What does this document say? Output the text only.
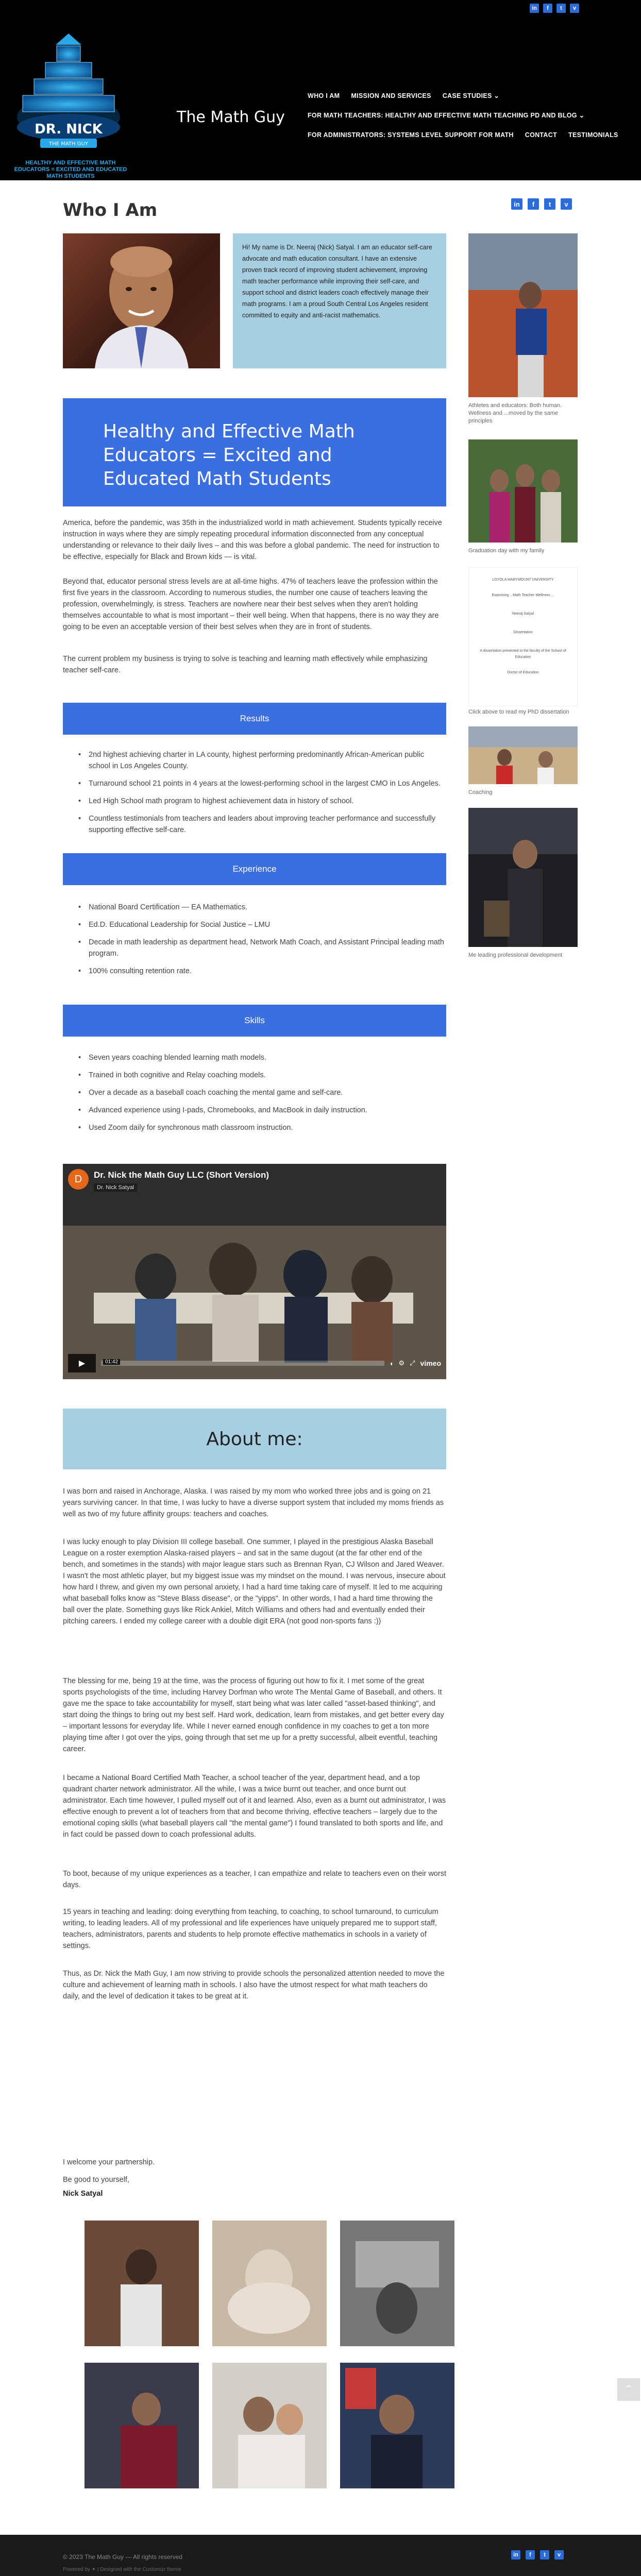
in	f	t	v
DR. NICK
THE MATH GUY
HEALTHY AND EFFECTIVE MATH EDUCATORS = EXCITED AND EDUCATED MATH STUDENTS
The Math Guy
WHO I AM MISSION AND SERVICES CASE STUDIES ⌄
FOR MATH TEACHERS: HEALTHY AND EFFECTIVE MATH TEACHING PD AND BLOG ⌄
FOR ADMINISTRATORS: SYSTEMS LEVEL SUPPORT FOR MATH CONTACT TESTIMONIALS
Who I Am	in	f	t	v
Hi! My name is Dr. Neeraj (Nick) Satyal. I am an educator self-care advocate and math education consultant. I have an extensive proven track record of improving student achievement, improving math teacher performance while improving their self-care, and support school and district leaders coach effectively manage their math programs. I am a proud South Central Los Angeles resident committed to equity and anti-racist mathematics.
Healthy and Effective Math Educators = Excited and Educated Math Students

America, before the pandemic, was 35th in the industrialized world in math achievement. Students typically receive instruction in ways where they are simply repeating procedural information disconnected from any conceptual understanding or relevance to their daily lives – and this was before a global pandemic. The need for instruction to be effective, especially for Black and Brown kids — is vital.

Beyond that, educator personal stress levels are at all-time highs. 47% of teachers leave the profession within the first five years in the classroom. According to numerous studies, the number one cause of teachers leaving the profession, overwhelmingly, is stress. Teachers are nowhere near their best selves when they aren't holding themselves accountable to what is most important – their well being. When that happens, there is no way they are going to be even an acceptable version of their best selves when they are in front of students.

The current problem my business is trying to solve is teaching and learning math effectively while emphasizing teacher self-care.

Results
• 2nd highest achieving charter in LA county, highest performing predominantly African-American public school in Los Angeles County.
• Turnaround school 21 points in 4 years at the lowest-performing school in the largest CMO in Los Angeles.
• Led High School math program to highest achievement data in history of school.
• Countless testimonials from teachers and leaders about improving teacher performance and successfully supporting effective self-care.
Experience
• National Board Certification — EA Mathematics.
• Ed.D. Educational Leadership for Social Justice – LMU
• Decade in math leadership as department head, Network Math Coach, and Assistant Principal leading math program.
• 100% consulting retention rate.
Skills
• Seven years coaching blended learning math models.
• Trained in both cognitive and Relay coaching models.
• Over a decade as a baseball coach coaching the mental game and self-care.
• Advanced experience using I-pads, Chromebooks, and MacBook in daily instruction.
• Used Zoom daily for synchronous math classroom instruction.
D	Dr. Nick the Math Guy LLC (Short Version)
Dr. Nick Satyal
▶	01:42	◖ ⚙ ⤢ vimeo
About me:

I was born and raised in Anchorage, Alaska. I was raised by my mom who worked three jobs and is going on 21 years surviving cancer. In that time, I was lucky to have a diverse support system that included my moms friends as well as two of my future affinity groups: teachers and coaches.

I was lucky enough to play Division III college baseball. One summer, I played in the prestigious Alaska Baseball League on a roster exemption Alaska-raised players – and sat in the same dugout (at the far other end of the bench, and sometimes in the stands) with major league stars such as Brennan Ryan, CJ Wilson and Jared Weaver. I wasn't the most athletic player, but my biggest issue was my mindset on the mound. I was nervous, insecure about how hard I threw, and given my own personal anxiety, I had a hard time taking care of myself. It led to me acquiring what baseball folks know as "Steve Blass disease", or the "yipps". In other words, I had a hard time throwing the ball over the plate. Something guys like Rick Ankiel, Mitch Williams and others had and eventually ended their pitching careers. I ended my college career with a double digit ERA (not good non-sports fans :))

The blessing for me, being 19 at the time, was the process of figuring out how to fix it. I met some of the great sports psychologists of the time, including Harvey Dorfman who wrote The Mental Game of Baseball, and others. It gave me the space to take accountability for myself, start being what was later called "asset-based thinking", and start doing the things to bring out my best self. Hard work, dedication, learn from mistakes, and get better every day – important lessons for everyday life. While I never earned enough confidence in my coaches to get a ton more playing time after I got over the yips, going through that set me up for a pretty successful, albeit eventful, teaching career.

I became a National Board Certified Math Teacher, a school teacher of the year, department head, and a top quadrant charter network administrator. All the while, I was a twice burnt out teacher, and once burnt out administrator. Each time however, I pulled myself out of it and learned. Also, even as a burnt out administrator, I was effective enough to prevent a lot of teachers from that and become thriving, effective teachers – largely due to the emotional coping skills (what baseball players call "the mental game") I found translated to both sports and life, and in fact could be passed down to coach professional adults.

To boot, because of my unique experiences as a teacher, I can empathize and relate to teachers even on their worst days.

15 years in teaching and leading: doing everything from teaching, to coaching, to school turnaround, to curriculum writing, to leading leaders. All of my professional and life experiences have uniquely prepared me to support staff, teachers, administrators, parents and students to help promote effective mathematics in schools in a variety of settings.

Thus, as Dr. Nick the Math Guy, I am now striving to provide schools the personalized attention needed to move the culture and achievement of learning math in schools. I also have the utmost respect for what math teachers do daily, and the level of dedication it takes to be great at it.

I welcome your partnership.

Be good to yourself,

Nick Satyal
Athletes and educators: Both human. Wellness and ...moved by the same principles
Graduation day with my family
LOYOLA MARYMOUNT UNIVERSITY
Examining ...Math Teacher Wellness ...
Neeraj Satyal
Dissertation
A dissertation presented to the faculty of the School of Education
Doctor of Education
Click above to read my PhD dissertation
Coaching
Me leading professional development
⌃
© 2023 The Math Guy — All rights reserved
Powered by ✦ | Designed with the Customizr theme
in	f	t	v
